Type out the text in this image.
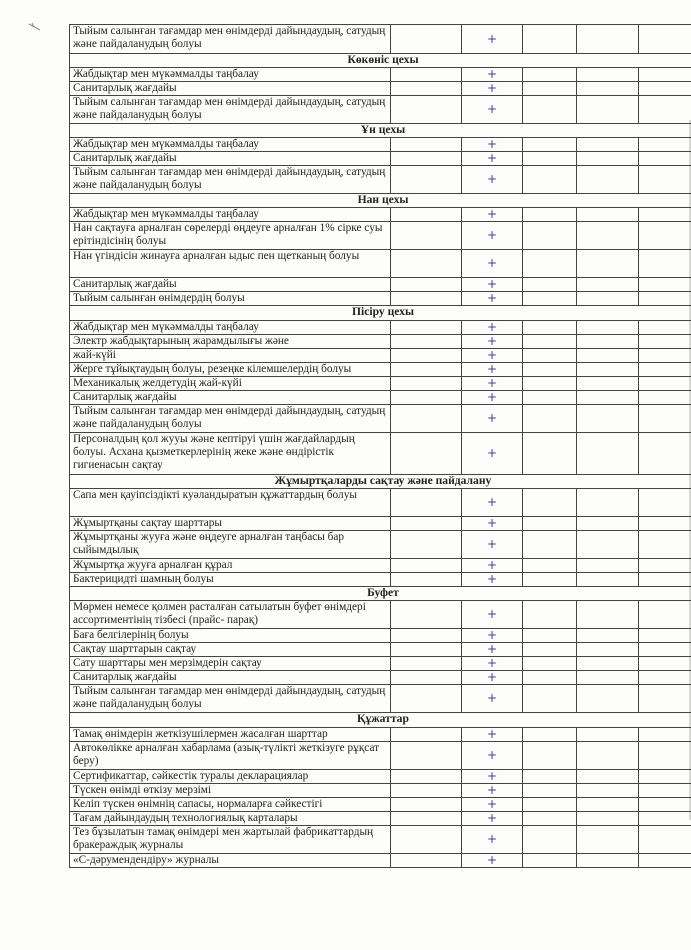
Тыйым салынған тағамдар мен өнімдерді дайындаудың, сатудың және пайдаланудың болуы		+			
Көкөніс цехы					
Жабдықтар мен мүкәммалды таңбалау		+			
Санитарлық жағдайы		+			
Тыйым салынған тағамдар мен өнімдерді дайындаудың, сатудың және пайдаланудың болуы		+			
Ұн цехы					
Жабдықтар мен мүкәммалды таңбалау		+			
Санитарлық жағдайы		+			
Тыйым салынған тағамдар мен өнімдерді дайындаудың, сатудың және пайдаланудың болуы		+			
Нан цехы					
Жабдықтар мен мүкәммалды таңбалау		+			
Нан сақтауға арналған сөрелерді өңдеуге арналған 1% сірке суы ерітіндісінің болуы		+			
Нан үгіндісін жинауға арналған ыдыс пен щетканың болуы		+			
Санитарлық жағдайы		+			
Тыйым салынған өнімдердің болуы		+			
Пісіру цехы					
Жабдықтар мен мүкәммалды таңбалау		+			
Электр жабдықтарының жарамдылығы және		+			
жай-күйі		+			
Жерге тұйықтаудың болуы, резеңке кілемшелердің болуы		+			
Механикалық желдетудің жай-күйі		+			
Санитарлық жағдайы		+			
Тыйым салынған тағамдар мен өнімдерді дайындаудың, сатудың және пайдаланудың болуы		+			
Персоналдың қол жууы және кептіруі үшін жағдайлардың болуы. Асхана қызметкерлерінің жеке және өндірістік гигиенасын сақтау		+			
Жұмыртқаларды сақтау және пайдалану					
Сапа мен қауіпсіздікті куәландыратын құжаттардың болуы		+			
Жұмыртқаны сақтау шарттары		+			
Жұмыртқаны жууға және өңдеуге арналған таңбасы бар сыйымдылық		+			
Жұмыртқа жууға арналған құрал		+			
Бактерицидті шамның болуы		+			
Буфет					
Мөрмен немесе қолмен расталған сатылатын буфет өнімдері ассортиментінің тізбесі (прайс- парақ)		+			
Баға белгілерінің болуы		+			
Сақтау шарттарын сақтау		+			
Сату шарттары мен мерзімдерін сақтау		+			
Санитарлық жағдайы		+			
Тыйым салынған тағамдар мен өнімдерді дайындаудың, сатудың және пайдаланудың болуы		+			
Құжаттар					
Тамақ өнімдерін жеткізушілермен жасалған шарттар		+			
Автокөлікке арналған хабарлама (азық-түлікті жеткізуге рұқсат беру)		+			
Сертификаттар, сәйкестік туралы декларациялар		+			
Түскен өнімді өткізу мерзімі		+			
Келіп түскен өнімнің сапасы, нормаларға сәйкестігі		+			
Тағам дайындаудың технологиялық карталары		+			
Тез бұзылатын тамақ өнімдері мен жартылай фабрикаттардың бракераждық журналы		+			
«С-дәрумендендіру» журналы		+			
